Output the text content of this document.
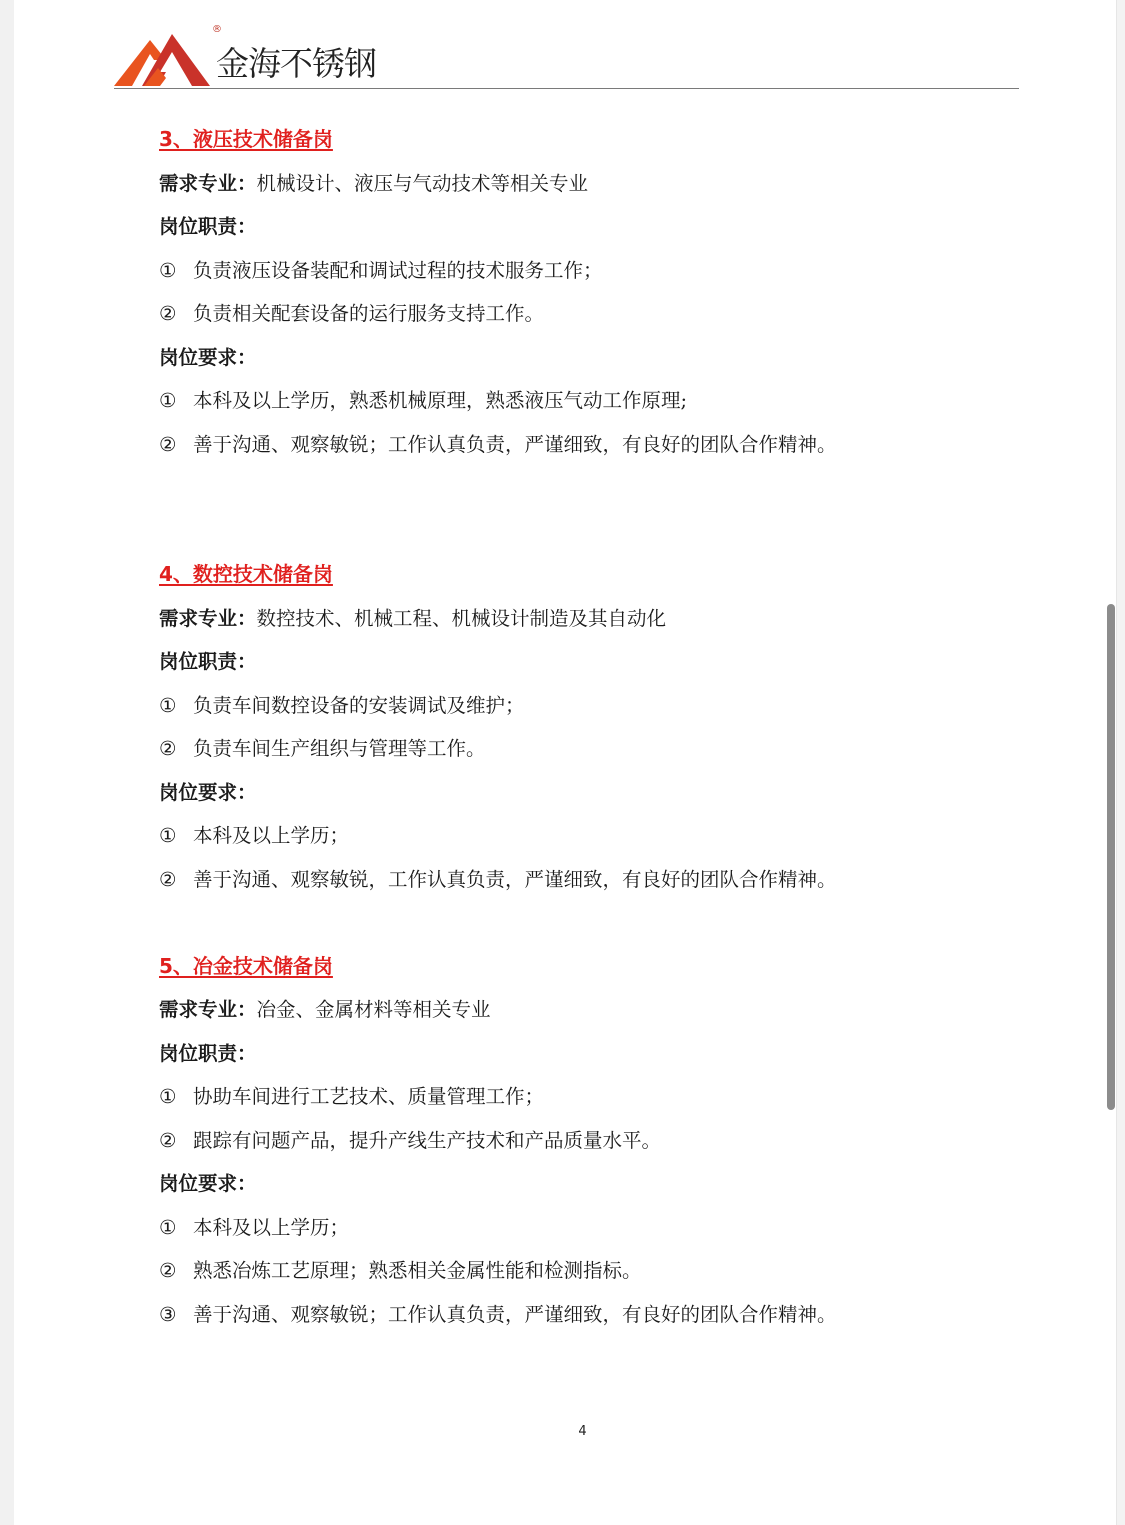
®
金海不锈钢
3、液压技术储备岗
需求专业：机械设计、液压与气动技术等相关专业
岗位职责：
① 负责液压设备装配和调试过程的技术服务工作；
② 负责相关配套设备的运行服务支持工作。
岗位要求：
① 本科及以上学历，熟悉机械原理，熟悉液压气动工作原理;
② 善于沟通、观察敏锐；工作认真负责，严谨细致，有良好的团队合作精神。
4、数控技术储备岗
需求专业：数控技术、机械工程、机械设计制造及其自动化
岗位职责：
① 负责车间数控设备的安装调试及维护；
② 负责车间生产组织与管理等工作。
岗位要求：
① 本科及以上学历；
② 善于沟通、观察敏锐，工作认真负责，严谨细致，有良好的团队合作精神。
5、冶金技术储备岗
需求专业：冶金、金属材料等相关专业
岗位职责：
① 协助车间进行工艺技术、质量管理工作；
② 跟踪有问题产品，提升产线生产技术和产品质量水平。
岗位要求：
① 本科及以上学历；
② 熟悉冶炼工艺原理；熟悉相关金属性能和检测指标。
③ 善于沟通、观察敏锐；工作认真负责，严谨细致，有良好的团队合作精神。
4
